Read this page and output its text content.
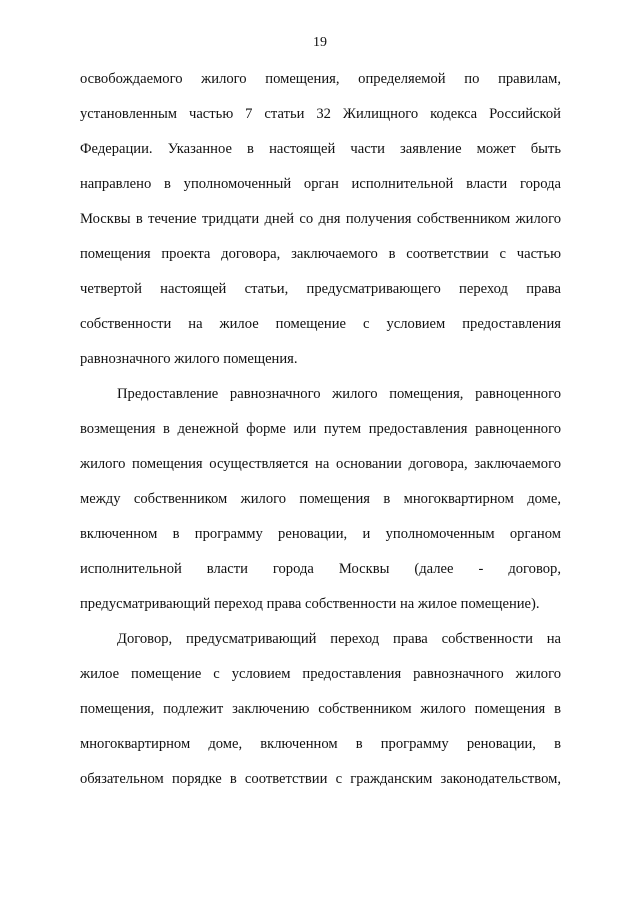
19
освобождаемого жилого помещения, определяемой по правилам,
установленным частью 7 статьи 32 Жилищного кодекса Российской
Федерации. Указанное в настоящей части заявление может быть
направлено в уполномоченный орган исполнительной власти города
Москвы в течение тридцати дней со дня получения собственником жилого
помещения проекта договора, заключаемого в соответствии с частью
четвертой настоящей статьи, предусматривающего переход права
собственности на жилое помещение с условием предоставления
равнозначного жилого помещения.
Предоставление равнозначного жилого помещения, равноценного
возмещения в денежной форме или путем предоставления равноценного
жилого помещения осуществляется на основании договора, заключаемого
между собственником жилого помещения в многоквартирном доме,
включенном в программу реновации, и уполномоченным органом
исполнительной власти города Москвы (далее - договор,
предусматривающий переход права собственности на жилое помещение).
Договор, предусматривающий переход права собственности на
жилое помещение с условием предоставления равнозначного жилого
помещения, подлежит заключению собственником жилого помещения в
многоквартирном доме, включенном в программу реновации, в
обязательном порядке в соответствии с гражданским законодательством,
